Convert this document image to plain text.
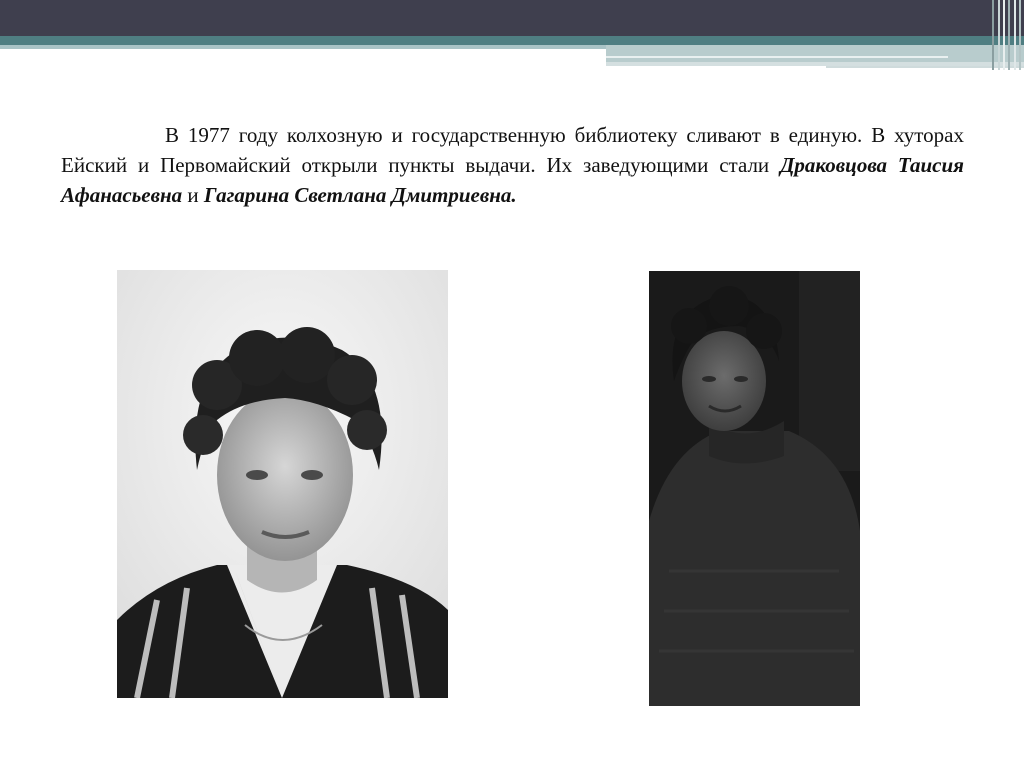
В 1977 году колхозную и государственную библиотеку сливают в единую. В хуторах Ейский и Первомайский открыли пункты выдачи. Их заведующими стали Драковцова Таисия Афанасьевна и Гагарина Светлана Дмитриевна.
